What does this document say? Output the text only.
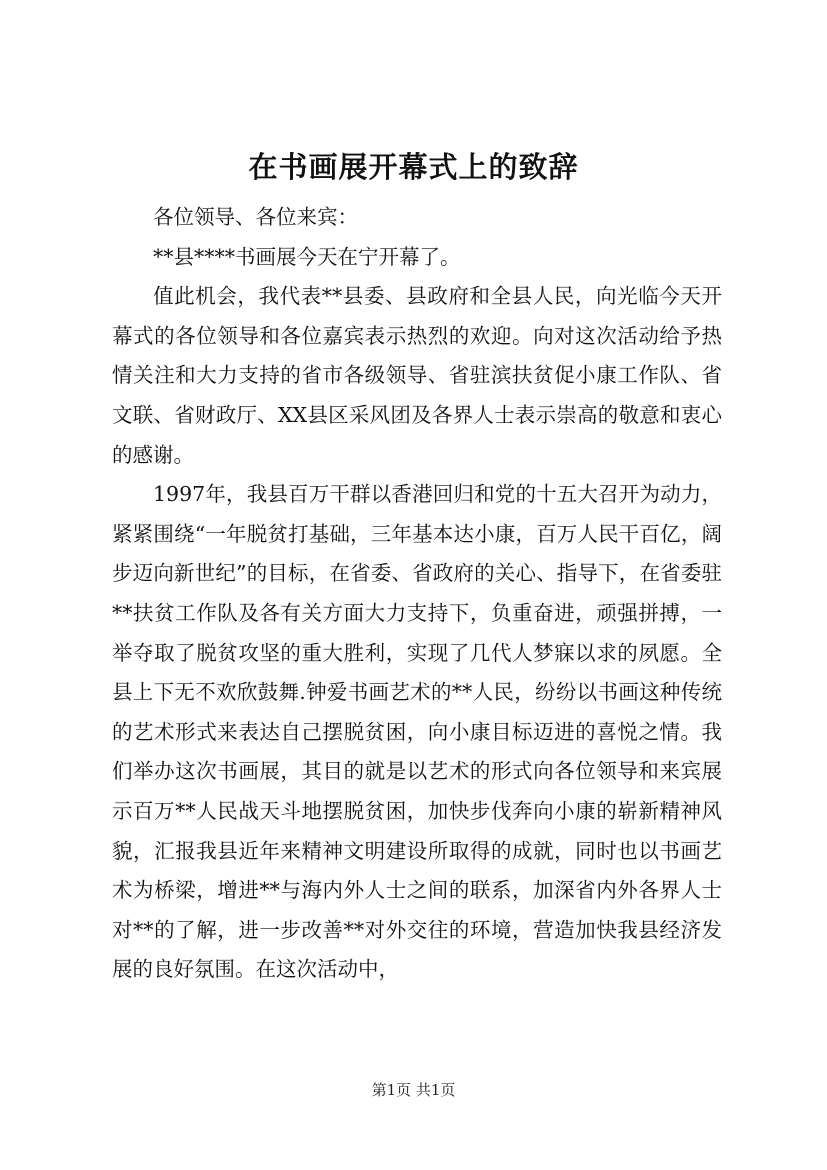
在书画展开幕式上的致辞

各位领导、各位来宾：

**县****书画展今天在宁开幕了。

值此机会，我代表**县委、县政府和全县人民，向光临今天开幕式的各位领导和各位嘉宾表示热烈的欢迎。向对这次活动给予热情关注和大力支持的省市各级领导、省驻滨扶贫促小康工作队、省文联、省财政厅、XX县区采风团及各界人士表示崇高的敬意和衷心的感谢。

1997年，我县百万干群以香港回归和党的十五大召开为动力，紧紧围绕“一年脱贫打基础，三年基本达小康，百万人民干百亿，阔步迈向新世纪”的目标，在省委、省政府的关心、指导下，在省委驻**扶贫工作队及各有关方面大力支持下，负重奋进，顽强拼搏，一举夺取了脱贫攻坚的重大胜利，实现了几代人梦寐以求的夙愿。全县上下无不欢欣鼓舞.钟爱书画艺术的**人民，纷纷以书画这种传统的艺术形式来表达自己摆脱贫困，向小康目标迈进的喜悦之情。我们举办这次书画展，其目的就是以艺术的形式向各位领导和来宾展示百万**人民战天斗地摆脱贫困，加快步伐奔向小康的崭新精神风貌，汇报我县近年来精神文明建设所取得的成就，同时也以书画艺术为桥梁，增进**与海内外人士之间的联系，加深省内外各界人士对**的了解，进一步改善**对外交往的环境，营造加快我县经济发展的良好氛围。在这次活动中，

第1页 共1页
